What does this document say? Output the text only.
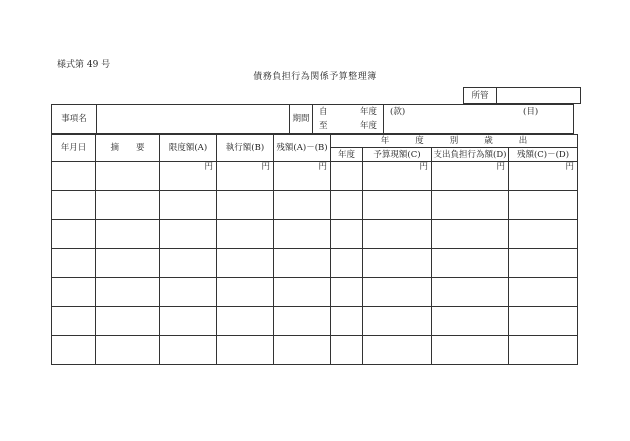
様式第 49 号
債務負担行為関係予算整理簿
所管	
事項名		期間	
自	年度
至	年度

(款)	(目)
年月日	摘　　要	限度額(A)	執行額(B)	残額(A)－(B)	年 度 別 歳 出			
					年度	予算現額(C)	支出負担行為額(D)	残額(C)－(D)
		円	円	円		円	円	円
